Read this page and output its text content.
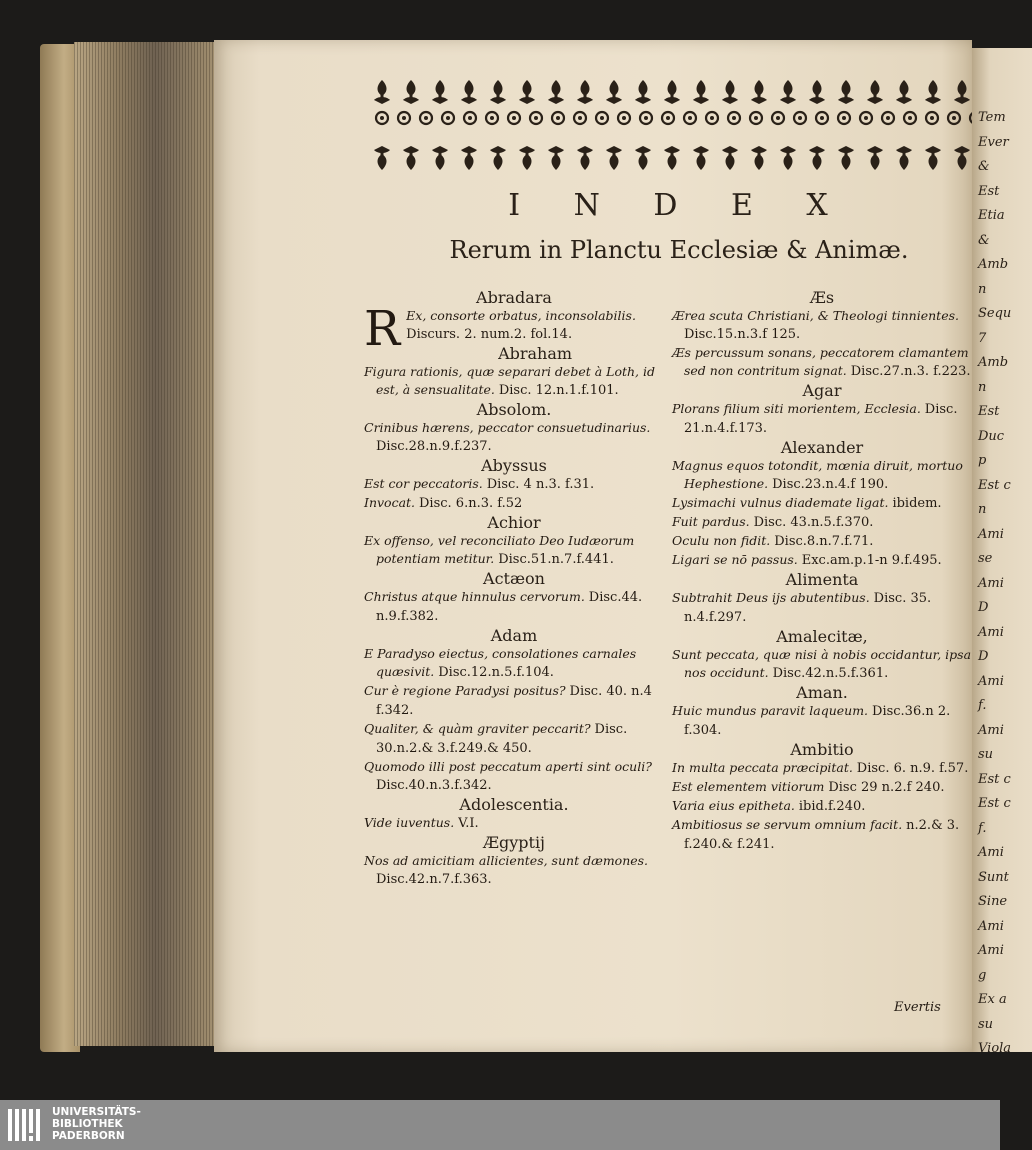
I N D E X
Rerum in Planctu Ecclesiæ & Animæ.
Abradara
R Ex, consorte orbatus, inconsolabilis. Discurs. 2. num.2. fol.14.
Abraham
Figura rationis, quæ separari debet à Loth, id est, à sensualitate. Disc. 12.n.1.f.101.
Absolom.
Crinibus hærens, peccator consuetudinarius. Disc.28.n.9.f.237.
Abyssus
Est cor peccatoris. Disc. 4 n.3. f.31.
Invocat. Disc. 6.n.3. f.52
Achior
Ex offenso, vel reconciliato Deo Iudæorum potentiam metitur. Disc.51.n.7.f.441.
Actæon
Christus atque hinnulus cervorum. Disc.44. n.9.f.382.
Adam
E Paradyso eiectus, consolationes carnales quæsivit. Disc.12.n.5.f.104.
Cur è regione Paradysi positus? Disc. 40. n.4 f.342.
Qualiter, & quàm graviter peccarit? Disc. 30.n.2.& 3.f.249.& 450.
Quomodo illi post peccatum aperti sint oculi? Disc.40.n.3.f.342.
Adolescentia.
Vide iuventus. V.I.
Ægyptij
Nos ad amicitiam allicientes, sunt dæmones. Disc.42.n.7.f.363.
Æs
Ærea scuta Christiani, & Theologi tinnientes. Disc.15.n.3.f 125.
Æs percussum sonans, peccatorem clamantem sed non contritum signat. Disc.27.n.3. f.223.
Agar
Plorans filium siti morientem, Ecclesia. Disc. 21.n.4.f.173.
Alexander
Magnus equos totondit, mœnia diruit, mortuo Hephestione. Disc.23.n.4.f 190.
Lysimachi vulnus diademate ligat. ibidem.
Fuit pardus. Disc. 43.n.5.f.370.
Oculu non fidit. Disc.8.n.7.f.71.
Ligari se nō passus. Exc.am.p.1-n 9.f.495.
Alimenta
Subtrahit Deus ijs abutentibus. Disc. 35. n.4.f.297.
Amalecitæ,
Sunt peccata, quæ nisi à nobis occidantur, ipsa nos occidunt. Disc.42.n.5.f.361.
Aman.
Huic mundus paravit laqueum. Disc.36.n 2. f.304.
Ambitio
In multa peccata præcipitat. Disc. 6. n.9. f.57.
Est elementem vitiorum Disc 29 n.2.f 240.
Varia eius epitheta. ibid.f.240.
Ambitiosus se servum omnium facit. n.2.& 3. f.240.& f.241.
Evertis
Tem
Ever
&
Est
Etia
&
Amb
n
Sequ
7
Amb
n
Est
Duc
p
Est c
n
Ami
se
Ami
D
Ami
D
Ami
f.
Ami
su
Est c
Est c
f.
Ami
Sunt
Sine
Ami
Ami
g
Ex a
su
Viola
UNIVERSITÄTS-
BIBLIOTHEK
PADERBORN
